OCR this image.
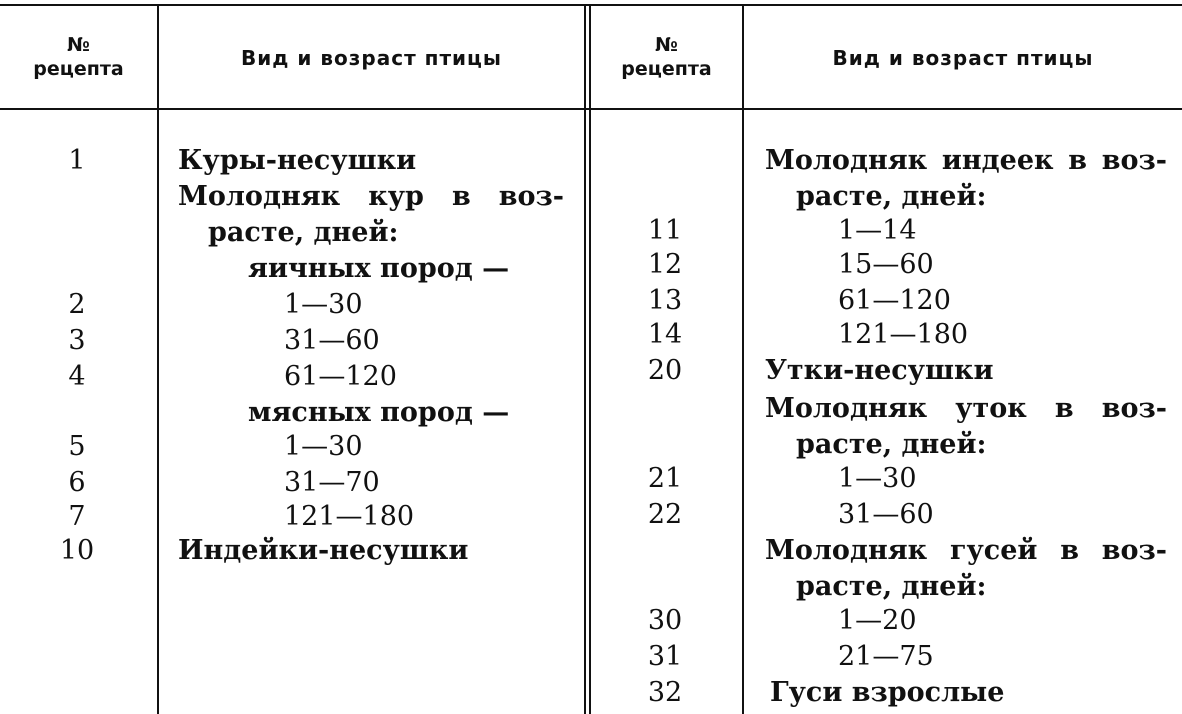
№
рецепта	Вид и возраст птицы
№
рецепта	Вид и возраст птицы
1
2
3
4
5
6
7
10
Куры-несушки
Молодняк кур в воз-
расте, дней:
яичных пород —
1—30
31—60
61—120
мясных пород —
1—30
31—70
121—180
Индейки-несушки
11
12
13
14
20
21
22
30
31
32
Молодняк индеек в воз-
расте, дней:
1—14
15—60
61—120
121—180
Утки-несушки
Молодняк уток в воз-
расте, дней:
1—30
31—60
Молодняк гусей в воз-
расте, дней:
1—20
21—75
Гуси взрослые
